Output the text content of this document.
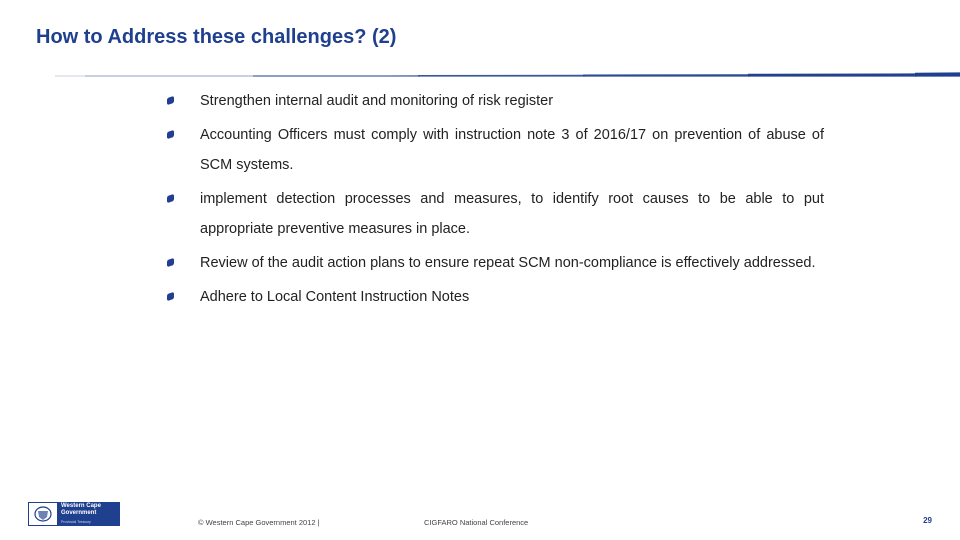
How to Address these challenges? (2)
Strengthen internal audit and monitoring of risk register
Accounting Officers must comply with instruction note 3 of 2016/17 on prevention of abuse of SCM systems.
implement detection processes and measures, to identify root causes to be able to put appropriate preventive measures in place.
Review of the audit action plans to ensure repeat SCM non-compliance is effectively addressed.
Adhere to Local Content Instruction Notes
Western Cape Government
Provincial Treasury	© Western Cape Government 2012 |	CIGFARO National Conference	29
